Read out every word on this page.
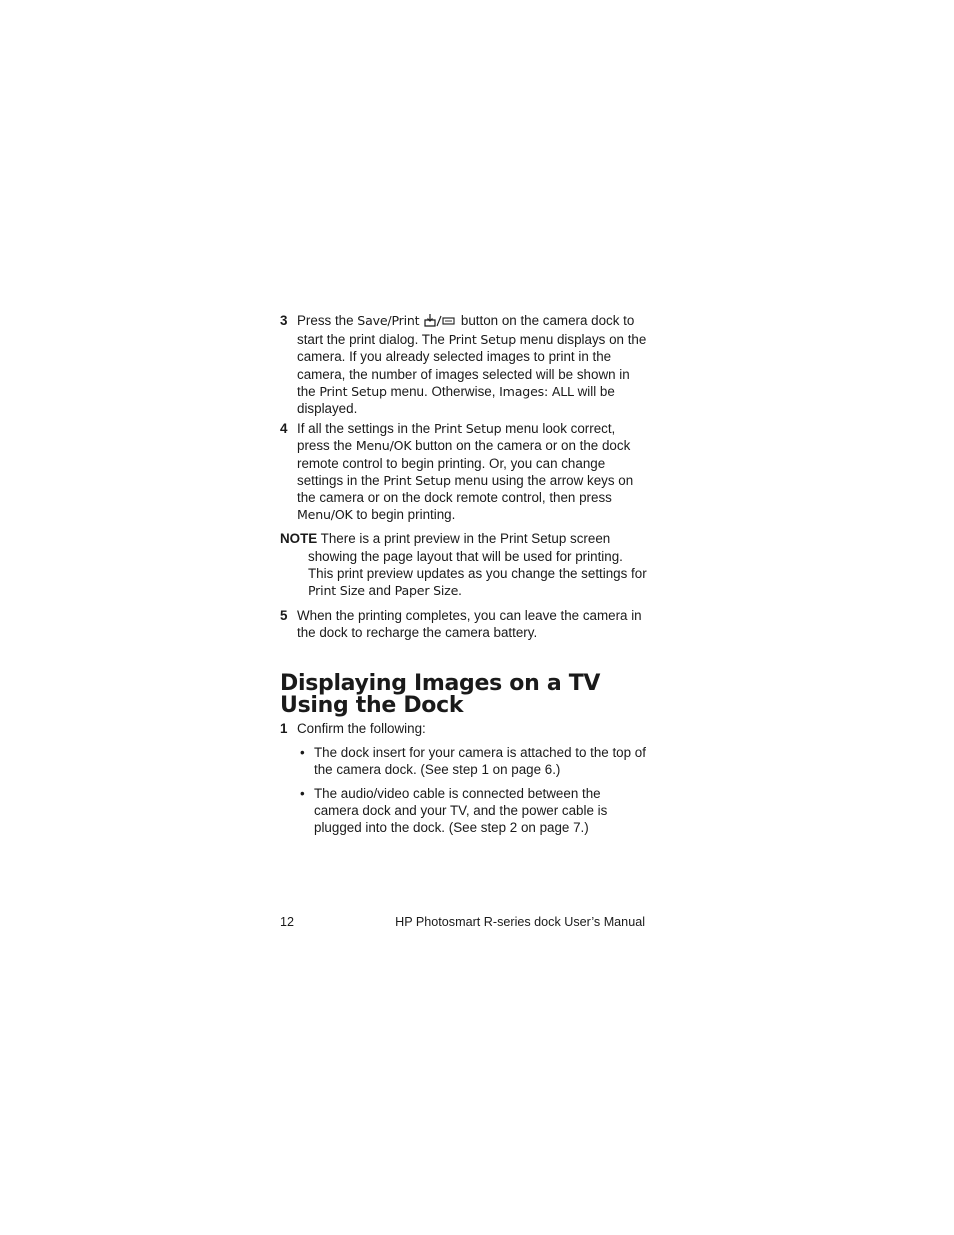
3 Press the Save/Print	button on the camera dock to start the print dialog. The Print Setup menu displays on the camera. If you already selected images to print in the camera, the number of images selected will be shown in the Print Setup menu. Otherwise, Images: ALL will be displayed.

4 If all the settings in the Print Setup menu look correct, press the Menu/OK button on the camera or on the dock remote control to begin printing. Or, you can change settings in the Print Setup menu using the arrow keys on the camera or on the dock remote control, then press Menu/OK to begin printing.

NOTE There is a print preview in the Print Setup screen showing the page layout that will be used for printing. This print preview updates as you change the settings for Print Size and Paper Size.

5 When the printing completes, you can leave the camera in the dock to recharge the camera battery.

Displaying Images on a TV
Using the Dock

1 Confirm the following:

• The dock insert for your camera is attached to the top of the camera dock. (See step 1 on page 6.)

• The audio/video cable is connected between the camera dock and your TV, and the power cable is plugged into the dock. (See step 2 on page 7.)

12	HP Photosmart R-series dock User’s Manual
